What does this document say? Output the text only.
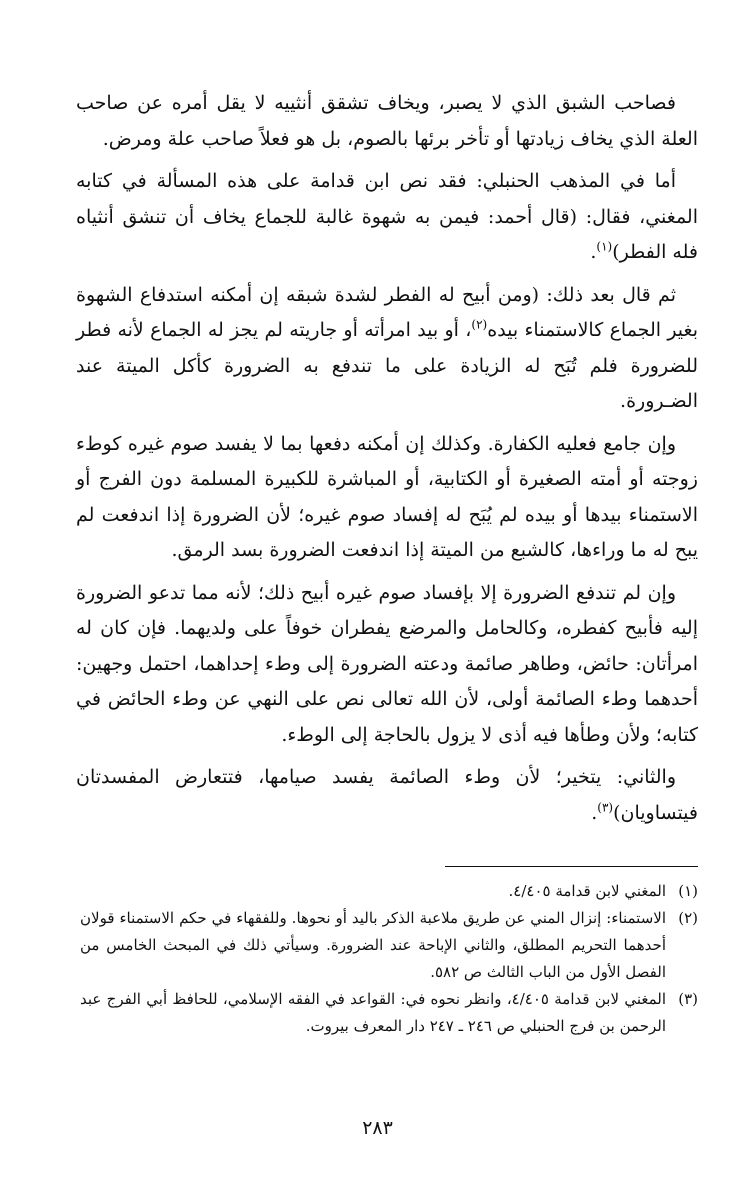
فصاحب الشبق الذي لا يصبر، ويخاف تشقق أنثييه لا يقل أمره عن صاحب العلة الذي يخاف زيادتها أو تأخر برئها بالصوم، بل هو فعلاً صاحب علة ومرض.

أما في المذهب الحنبلي: فقد نص ابن قدامة على هذه المسألة في كتابه المغني، فقال: (قال أحمد: فيمن به شهوة غالبة للجماع يخاف أن تنشق أنثياه فله الفطر)$^{(١)}$.

ثم قال بعد ذلك: (ومن أبيح له الفطر لشدة شبقه إن أمكنه استدفاع الشهوة بغير الجماع كالاستمناء بيده$^{(٢)}$، أو بيد امرأته أو جاريته لم يجز له الجماع لأنه فطر للضرورة فلم تُبَح له الزيادة على ما تندفع به الضرورة كأكل الميتة عند الضـرورة.

وإن جامع فعليه الكفارة. وكذلك إن أمكنه دفعها بما لا يفسد صوم غيره كوطء زوجته أو أمته الصغيرة أو الكتابية، أو المباشرة للكبيرة المسلمة دون الفرج أو الاستمناء بيدها أو بيده لم يُبَح له إفساد صوم غيره؛ لأن الضرورة إذا اندفعت لم يبح له ما وراءها، كالشبع من الميتة إذا اندفعت الضرورة بسد الرمق.

وإن لم تندفع الضرورة إلا بإفساد صوم غيره أبيح ذلك؛ لأنه مما تدعو الضرورة إليه فأبيح كفطره، وكالحامل والمرضع يفطران خوفاً على ولديهما. فإن كان له امرأتان: حائض، وطاهر صائمة ودعته الضرورة إلى وطء إحداهما، احتمل وجهين: أحدهما وطء الصائمة أولى، لأن الله تعالى نص على النهي عن وطء الحائض في كتابه؛ ولأن وطأها فيه أذى لا يزول بالحاجة إلى الوطء.

والثاني: يتخير؛ لأن وطء الصائمة يفسد صيامها، فتتعارض المفسدتان فيتساويان)$^{(٣)}$.

(١)
المغني لابن قدامة ٤/٤٠٥.
(٢)
الاستمناء: إنزال المني عن طريق ملاعبة الذكر باليد أو نحوها. وللفقهاء في حكم الاستمناء قولان أحدهما التحريم المطلق، والثاني الإباحة عند الضرورة. وسيأتي ذلك في المبحث الخامس من الفصل الأول من الباب الثالث ص ٥٨٢.
(٣)
المغني لابن قدامة ٤/٤٠٥، وانظر نحوه في: القواعد في الفقه الإسلامي، للحافظ أبي الفرج عبد الرحمن بن فرج الحنبلي ص ٢٤٦ ـ ٢٤٧ دار المعرف بيروت.
٢٨٣
